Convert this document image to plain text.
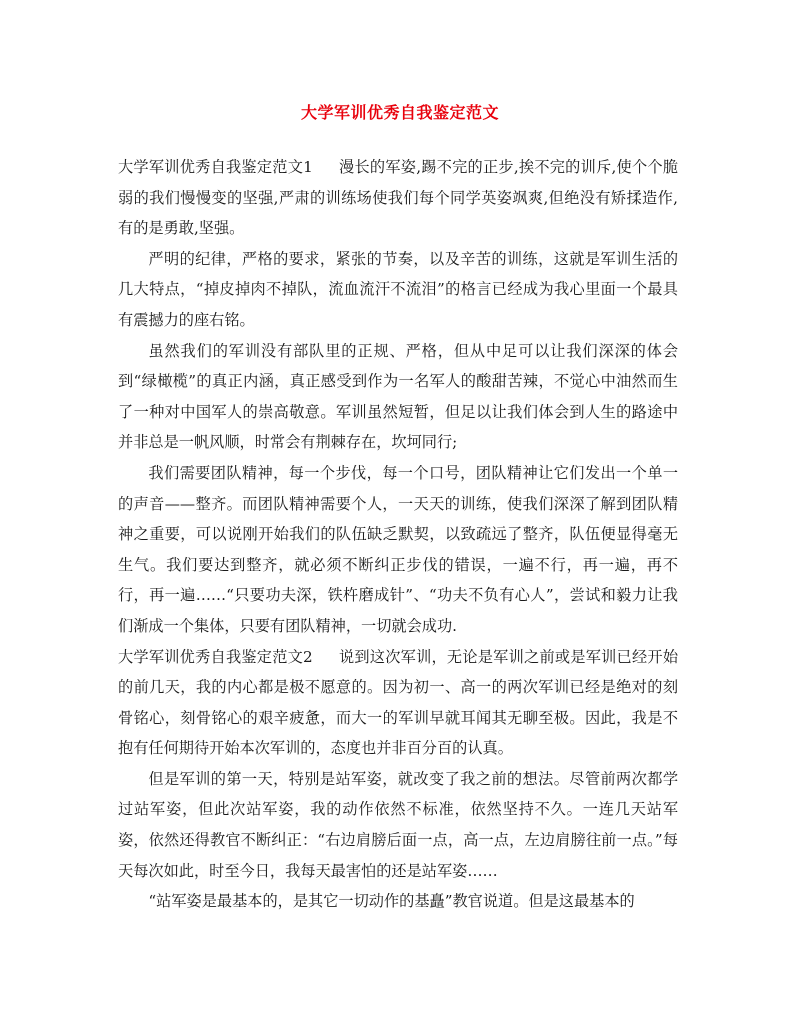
大学军训优秀自我鉴定范文

大学军训优秀自我鉴定范文1 漫长的军姿,踢不完的正步,挨不完的训斥,使个个脆弱的我们慢慢变的坚强,严肃的训练场使我们每个同学英姿飒爽,但绝没有矫揉造作,有的是勇敢,坚强。

严明的纪律，严格的要求，紧张的节奏，以及辛苦的训练，这就是军训生活的几大特点，“掉皮掉肉不掉队，流血流汗不流泪”的格言已经成为我心里面一个最具有震撼力的座右铭。

虽然我们的军训没有部队里的正规、严格，但从中足可以让我们深深的体会到“绿橄榄”的真正内涵，真正感受到作为一名军人的酸甜苦辣，不觉心中油然而生了一种对中国军人的崇高敬意。军训虽然短暂，但足以让我们体会到人生的路途中并非总是一帆风顺，时常会有荆棘存在，坎坷同行;

我们需要团队精神，每一个步伐，每一个口号，团队精神让它们发出一个单一的声音——整齐。而团队精神需要个人，一天天的训练，使我们深深了解到团队精神之重要，可以说刚开始我们的队伍缺乏默契，以致疏远了整齐，队伍便显得毫无生气。我们要达到整齐，就必须不断纠正步伐的错误，一遍不行，再一遍，再不行，再一遍……“只要功夫深，铁杵磨成针”、“功夫不负有心人”，尝试和毅力让我们渐成一个集体，只要有团队精神，一切就会成功.

大学军训优秀自我鉴定范文2 说到这次军训，无论是军训之前或是军训已经开始的前几天，我的内心都是极不愿意的。因为初一、高一的两次军训已经是绝对的刻骨铭心，刻骨铭心的艰辛疲惫，而大一的军训早就耳闻其无聊至极。因此，我是不抱有任何期待开始本次军训的，态度也并非百分百的认真。

但是军训的第一天，特别是站军姿，就改变了我之前的想法。尽管前两次都学过站军姿，但此次站军姿，我的动作依然不标准，依然坚持不久。一连几天站军姿，依然还得教官不断纠正：“右边肩膀后面一点，高一点，左边肩膀往前一点。”每天每次如此，时至今日，我每天最害怕的还是站军姿……

“站军姿是最基本的，是其它一切动作的基矗”教官说道。但是这最基本的
